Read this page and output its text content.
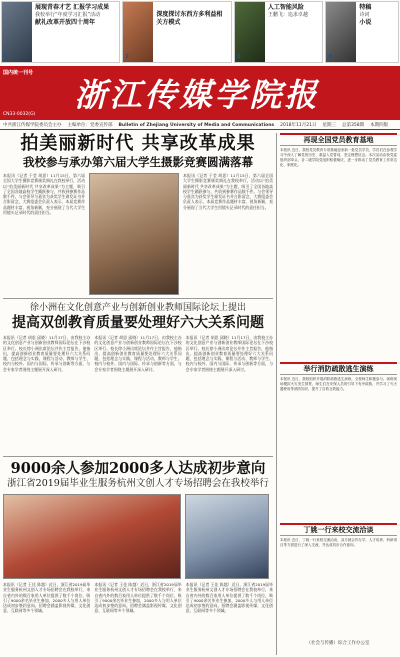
展现青春才艺 汇报学习成果
我校举行“年度学习汇报”活动

献礼改革开放四十周年
2

深度探讨东西方多利益相关方模式
2
人工智能风险
王鹏飞：追求卓越

3
特稿
诗词

小说
4
国内统一刊号
浙江传媒学院报
CN33-0032(G)
中共浙江传媒学院委员会主办 主编单位：党委宣传部 Bulletin of Zhejiang University of Media and Communications 2018年11月21日 星期三 总第358期 本期四版
拍美丽新时代 共享改革成果
我校参与承办第六届大学生摄影竞赛圆满落幕
本报讯（记者 于莹 胡思）11月15日，第六届全国大学生摄影竞赛颁奖典礼在我校举行，活动以“拍美丽新时代 共享改革成果”为主题，吸引了全国各地高校学生踊跃参与，共收到参赛作品数千件。与会领导与嘉宾为获奖学生颁发证书并合影留念，大赛组委会负责人表示，本届竞赛作品题材丰富、视角新颖，充分展现了当代大学生用镜头记录时代的责任担当。
本报讯（记者 于莹 胡思）11月15日，第六届全国大学生摄影竞赛颁奖典礼在我校举行，活动以“拍美丽新时代 共享改革成果”为主题，吸引了全国各地高校学生踊跃参与，共收到参赛作品数千件。与会领导与嘉宾为获奖学生颁发证书并合影留念，大赛组委会负责人表示，本届竞赛作品题材丰富、视角新颖，充分展现了当代大学生用镜头记录时代的责任担当。
徐小洲在文化创意产业与创新创业教师国际论坛上提出
提高双创教育质量要处理好六大关系问题
本报讯（记者 胡思 邱晓）11月17日，由我校主办的文化创意产业与创新创业教师国际论坛在下沙校区举行。校长徐小洲出席论坛并作主旨报告，他指出，提高创新创业教育质量要处理好六大关系问题，包括理念与实践、课程与活动、教师与学生、校内与校外、国内与国际、传承与创新等方面，与会专家学者围绕主题展开深入研讨。
本报讯（记者 胡思 邱晓）11月17日，由我校主办的文化创意产业与创新创业教师国际论坛在下沙校区举行。校长徐小洲出席论坛并作主旨报告，他指出，提高创新创业教育质量要处理好六大关系问题，包括理念与实践、课程与活动、教师与学生、校内与校外、国内与国际、传承与创新等方面，与会专家学者围绕主题展开深入研讨。
本报讯（记者 胡思 邱晓）11月17日，由我校主办的文化创意产业与创新创业教师国际论坛在下沙校区举行。校长徐小洲出席论坛并作主旨报告，他指出，提高创新创业教育质量要处理好六大关系问题，包括理念与实践、课程与活动、教师与学生、校内与校外、国内与国际、传承与创新等方面，与会专家学者围绕主题展开深入研讨。
9000余人参加2000多人达成初步意向
浙江省2019届毕业生服务杭州文创人才专场招聘会在我校举行
本报讯（记者 王佳 陈越）近日，浙江省2019届毕业生服务杭州文创人才专场招聘会在我校举行，来自省内外的数百家用人单位提供了数千个岗位，吸引了9000余名毕业生参加，2000多人与用人单位达成初步签约意向。招聘会涵盖影视传媒、文化创意、互联网等多个领域。
本报讯（记者 王佳 陈越）近日，浙江省2019届毕业生服务杭州文创人才专场招聘会在我校举行，来自省内外的数百家用人单位提供了数千个岗位，吸引了9000余名毕业生参加，2000多人与用人单位达成初步签约意向。招聘会涵盖影视传媒、文化创意、互联网等多个领域。
本报讯（记者 王佳 陈越）近日，浙江省2019届毕业生服务杭州文创人才专场招聘会在我校举行，来自省内外的数百家用人单位提供了数千个岗位，吸引了9000余名毕业生参加，2000多人与用人单位达成初步签约意向。招聘会涵盖影视传媒、文化创意、互联网等多个领域。
再现全国党员教育基地
本报讯 近日，我校党员教育专项基地迎来新一批党员学员，学员们在参观学习中深入了解党的历史，重温入党誓词，坚定理想信念。本次活动由校党委组织部牵头，各二级学院党组织积极响应，进一步推动了党员教育工作常态化、制度化。
举行消防疏散逃生演练
本报讯 近日，我校组织开展消防疏散逃生演练，全校师生积极参与。演练现场模拟火灾发生情景，师生们在安保人员的引导下有序疏散，并学习了灭火器使用等消防知识，提升了自救互救能力。
丁姚一行来校交流洽谈
本报讯 近日，丁姚一行来校交流洽谈，双方就合作办学、人才培养、科研项目等方面进行了深入交流，并达成初步合作意向。
（社会与传播）综合工作办公室
